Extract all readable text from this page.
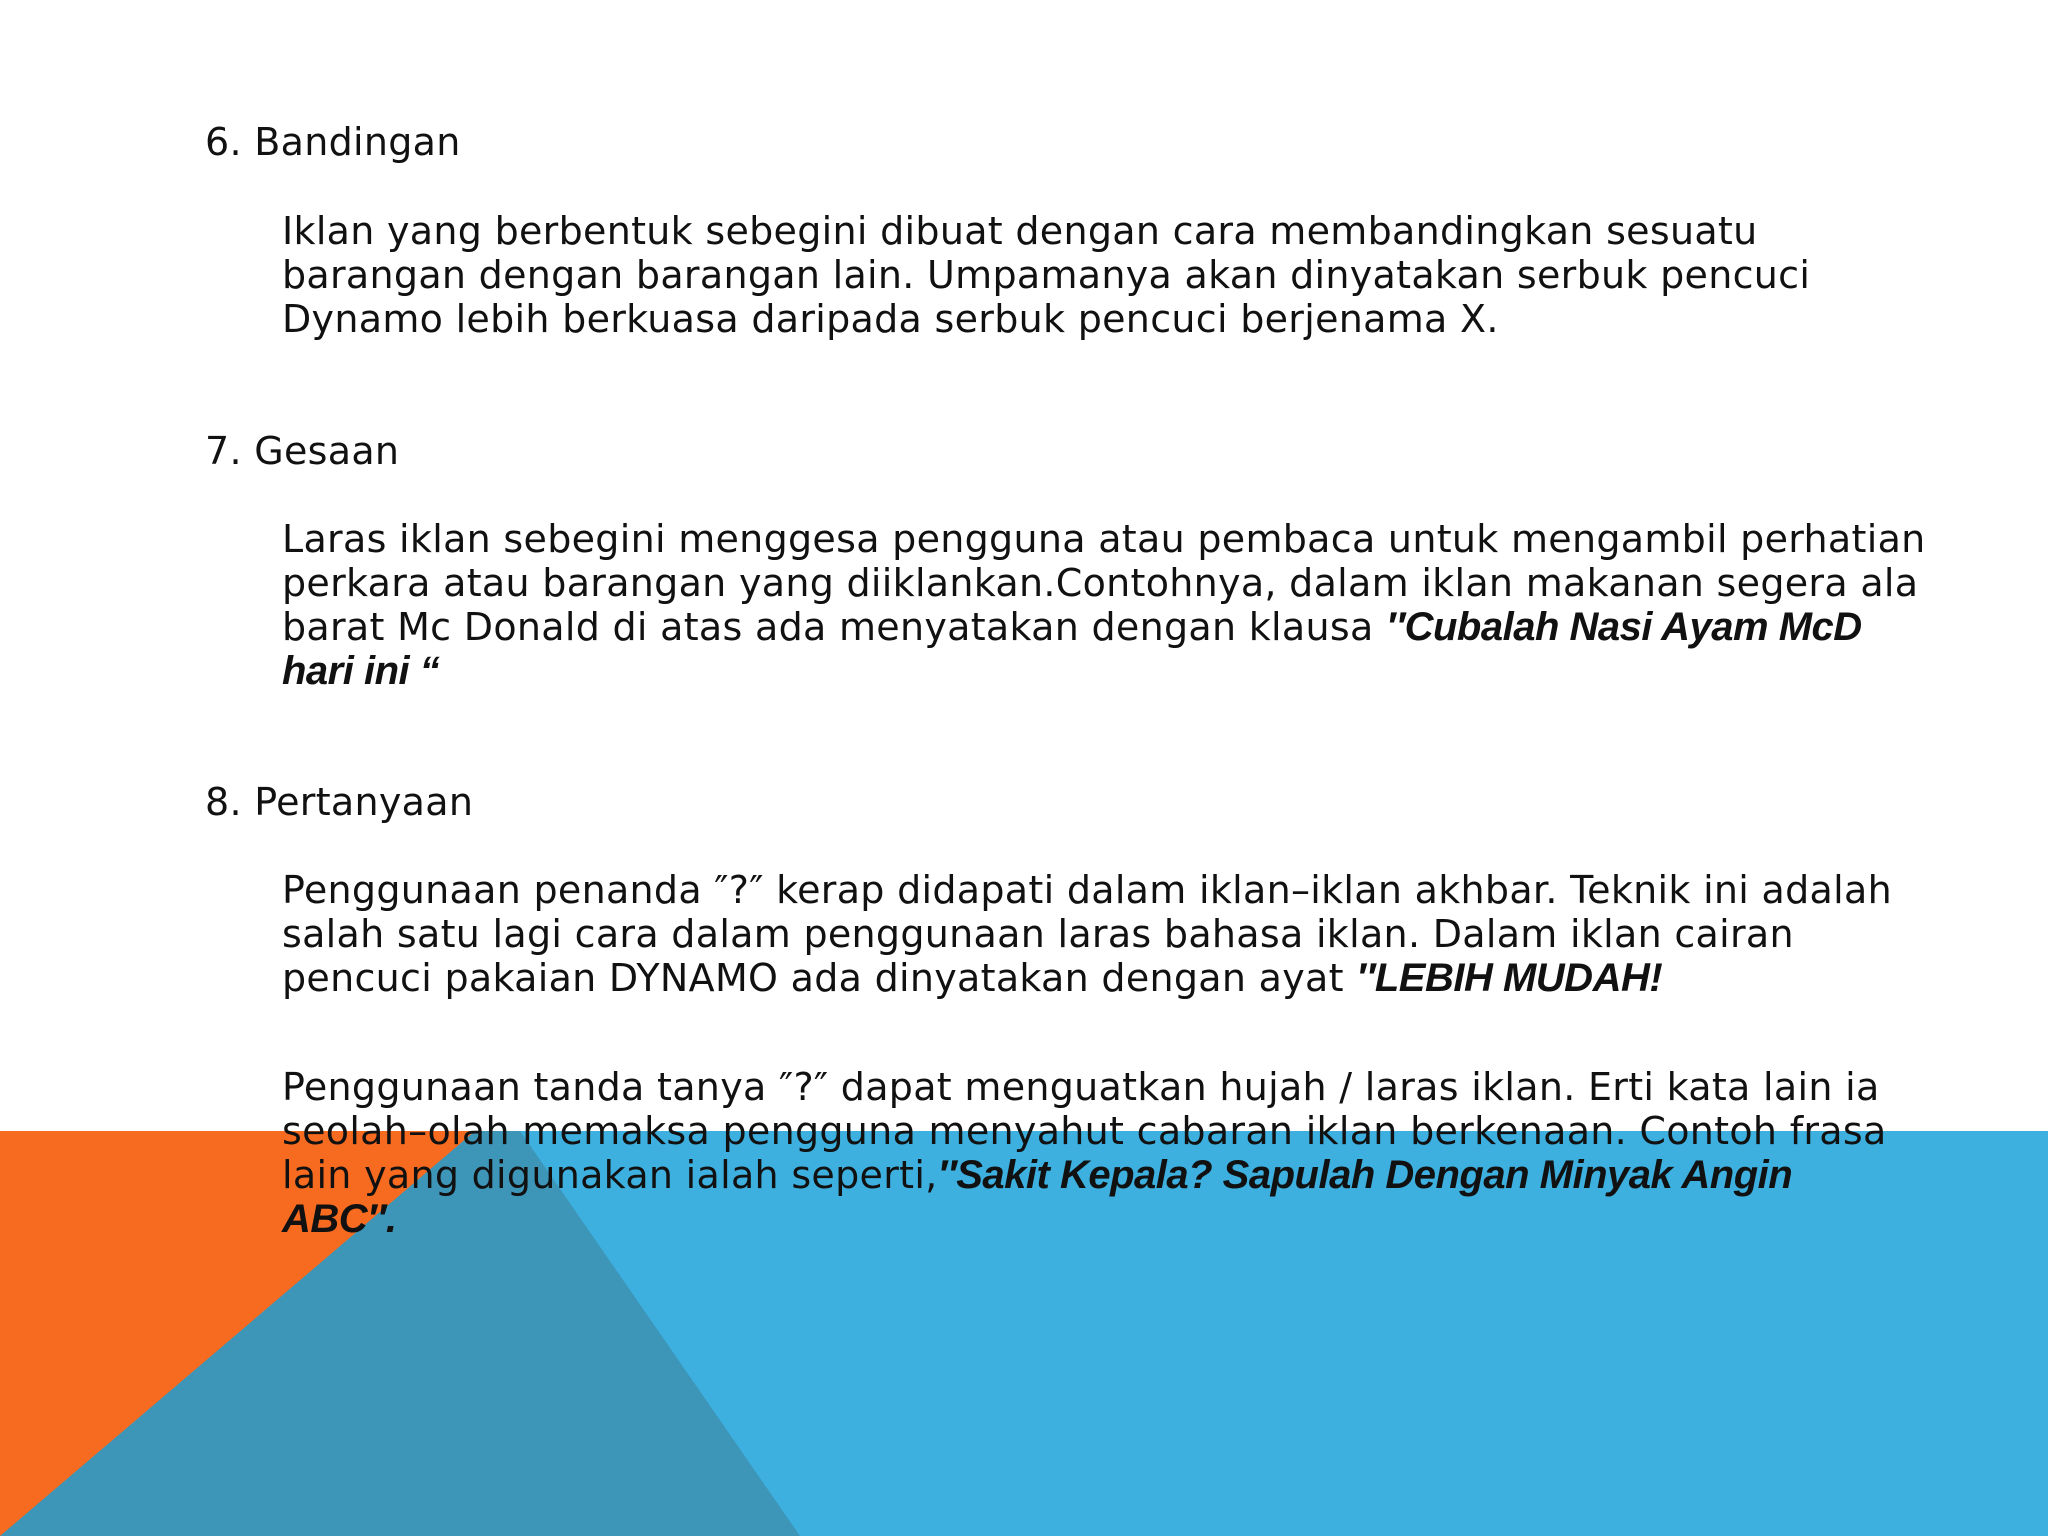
6. Bandingan
Iklan yang berbentuk sebegini dibuat dengan cara membandingkan sesuatu
barangan dengan barangan lain. Umpamanya akan dinyatakan serbuk pencuci
Dynamo lebih berkuasa daripada serbuk pencuci berjenama X.
7. Gesaan
Laras iklan sebegini menggesa pengguna atau pembaca untuk mengambil perhatian
perkara atau barangan yang diiklankan.Contohnya, dalam iklan makanan segera ala
barat Mc Donald di atas ada menyatakan dengan klausa ″Cubalah Nasi Ayam McD
hari ini “
8. Pertanyaan
Penggunaan penanda ″?″ kerap didapati dalam iklan–iklan akhbar. Teknik ini adalah
salah satu lagi cara dalam penggunaan laras bahasa iklan. Dalam iklan cairan
pencuci pakaian DYNAMO ada dinyatakan dengan ayat ″LEBIH MUDAH!
Penggunaan tanda tanya ″?″ dapat menguatkan hujah / laras iklan. Erti kata lain ia
seolah–olah memaksa pengguna menyahut cabaran iklan berkenaan. Contoh frasa
lain yang digunakan ialah seperti,″Sakit Kepala? Sapulah Dengan Minyak Angin
ABC″.
